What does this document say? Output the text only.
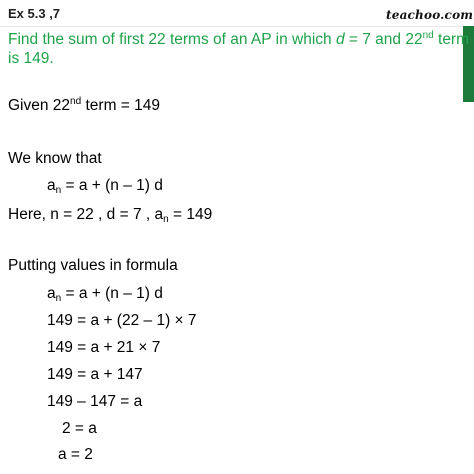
Ex 5.3 ,7	teachoo.com
Find the sum of first 22 terms of an AP in which d = 7 and 22nd term
is 149.
Given 22nd term = 149
We know that
$a_n = a + (n - 1)$ d
Here, n = 22 , d = 7 , $a_n = 149$
Putting values in formula
$a_n = a + (n - 1)$ d
149 = a + (22 – 1) × 7
149 = a + 21 × 7
149 = a + 147
149 – 147 = a
2 = a
a = 2
